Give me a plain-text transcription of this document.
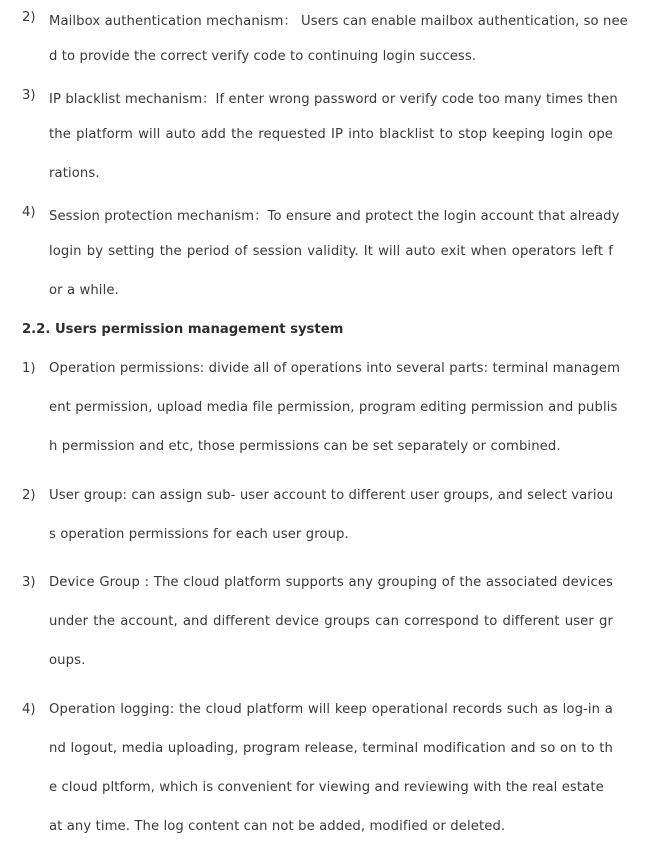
2) Mailbox authentication mechanism： Users can enable mailbox authentication, so nee
d to provide the correct verify code to continuing login success.
3) IP blacklist mechanism：If enter wrong password or verify code too many times then
the platform will auto add the requested IP into blacklist to stop keeping login ope
rations.
4) Session protection mechanism：To ensure and protect the login account that already
login by setting the period of session validity. It will auto exit when operators left f
or a while.
2.2. Users permission management system
1) Operation permissions: divide all of operations into several parts: terminal managem
ent permission, upload media file permission, program editing permission and publis
h permission and etc, those permissions can be set separately or combined.
2) User group: can assign sub- user account to different user groups, and select variou
s operation permissions for each user group.
3) Device Group : The cloud platform supports any grouping of the associated devices
under the account, and different device groups can correspond to different user gr
oups.
4) Operation logging: the cloud platform will keep operational records such as log-in a
nd logout, media uploading, program release, terminal modification and so on to th
e cloud pltform, which is convenient for viewing and reviewing with the real estate
at any time. The log content can not be added, modified or deleted.
